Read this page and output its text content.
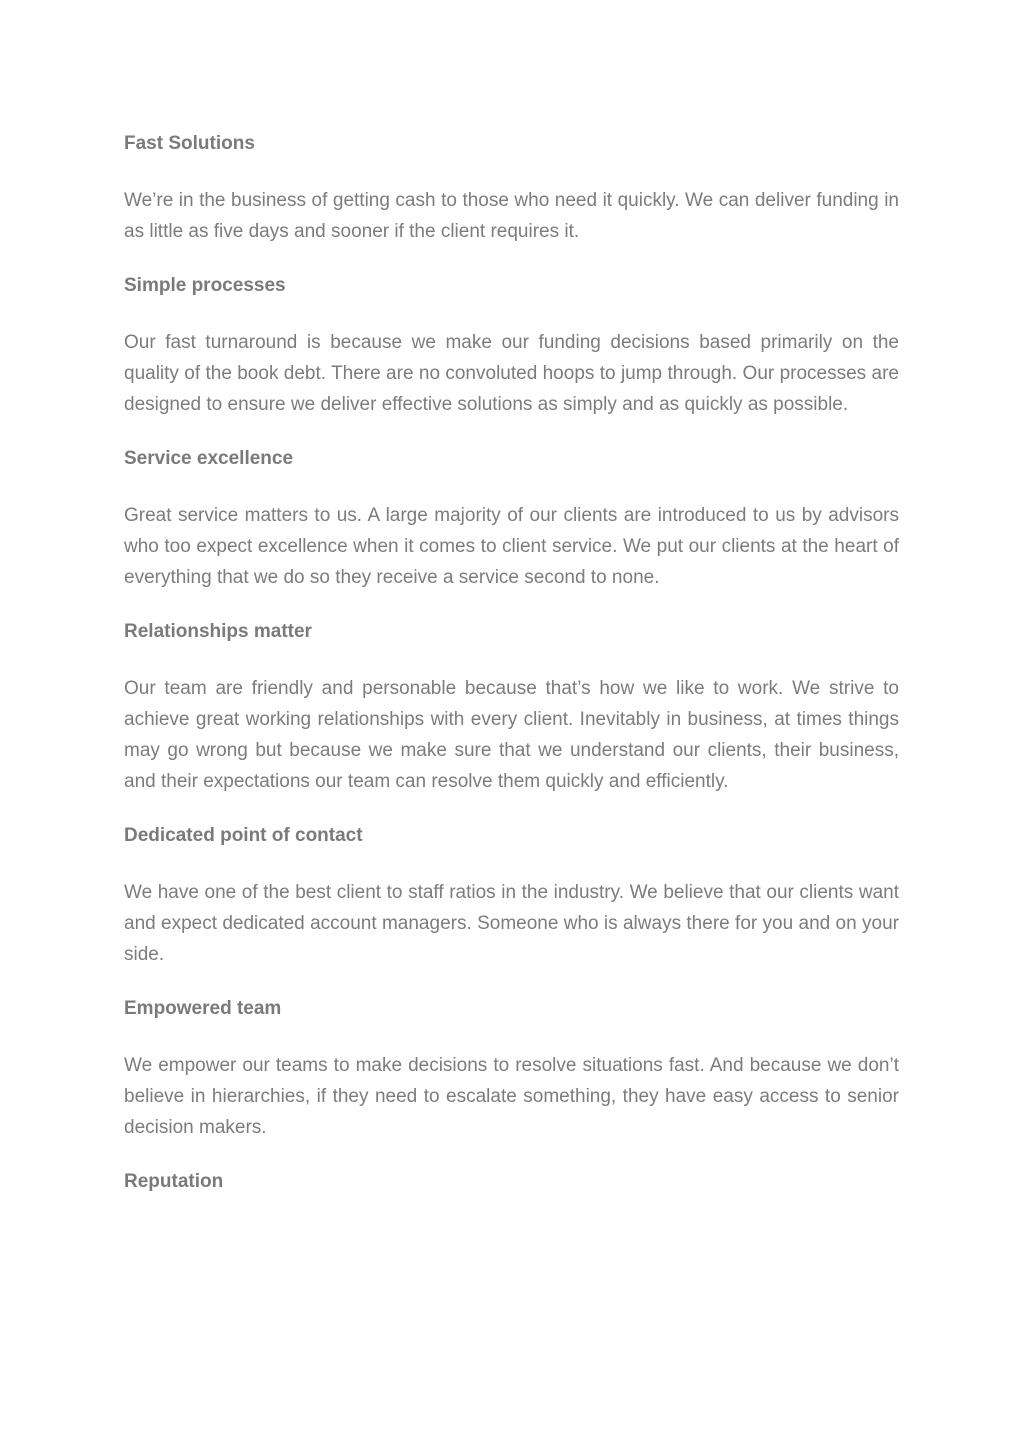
Fast Solutions

We’re in the business of getting cash to those who need it quickly. We can deliver funding in as little as five days and sooner if the client requires it.

Simple processes

Our fast turnaround is because we make our funding decisions based primarily on the quality of the book debt. There are no convoluted hoops to jump through. Our processes are designed to ensure we deliver effective solutions as simply and as quickly as possible.

Service excellence

Great service matters to us. A large majority of our clients are introduced to us by advisors who too expect excellence when it comes to client service. We put our clients at the heart of everything that we do so they receive a service second to none.

Relationships matter

Our team are friendly and personable because that’s how we like to work. We strive to achieve great working relationships with every client. Inevitably in business, at times things may go wrong but because we make sure that we understand our clients, their business, and their expectations our team can resolve them quickly and efficiently.

Dedicated point of contact

We have one of the best client to staff ratios in the industry. We believe that our clients want and expect dedicated account managers. Someone who is always there for you and on your side.

Empowered team

We empower our teams to make decisions to resolve situations fast. And because we don’t believe in hierarchies, if they need to escalate something, they have easy access to senior decision makers.

Reputation
